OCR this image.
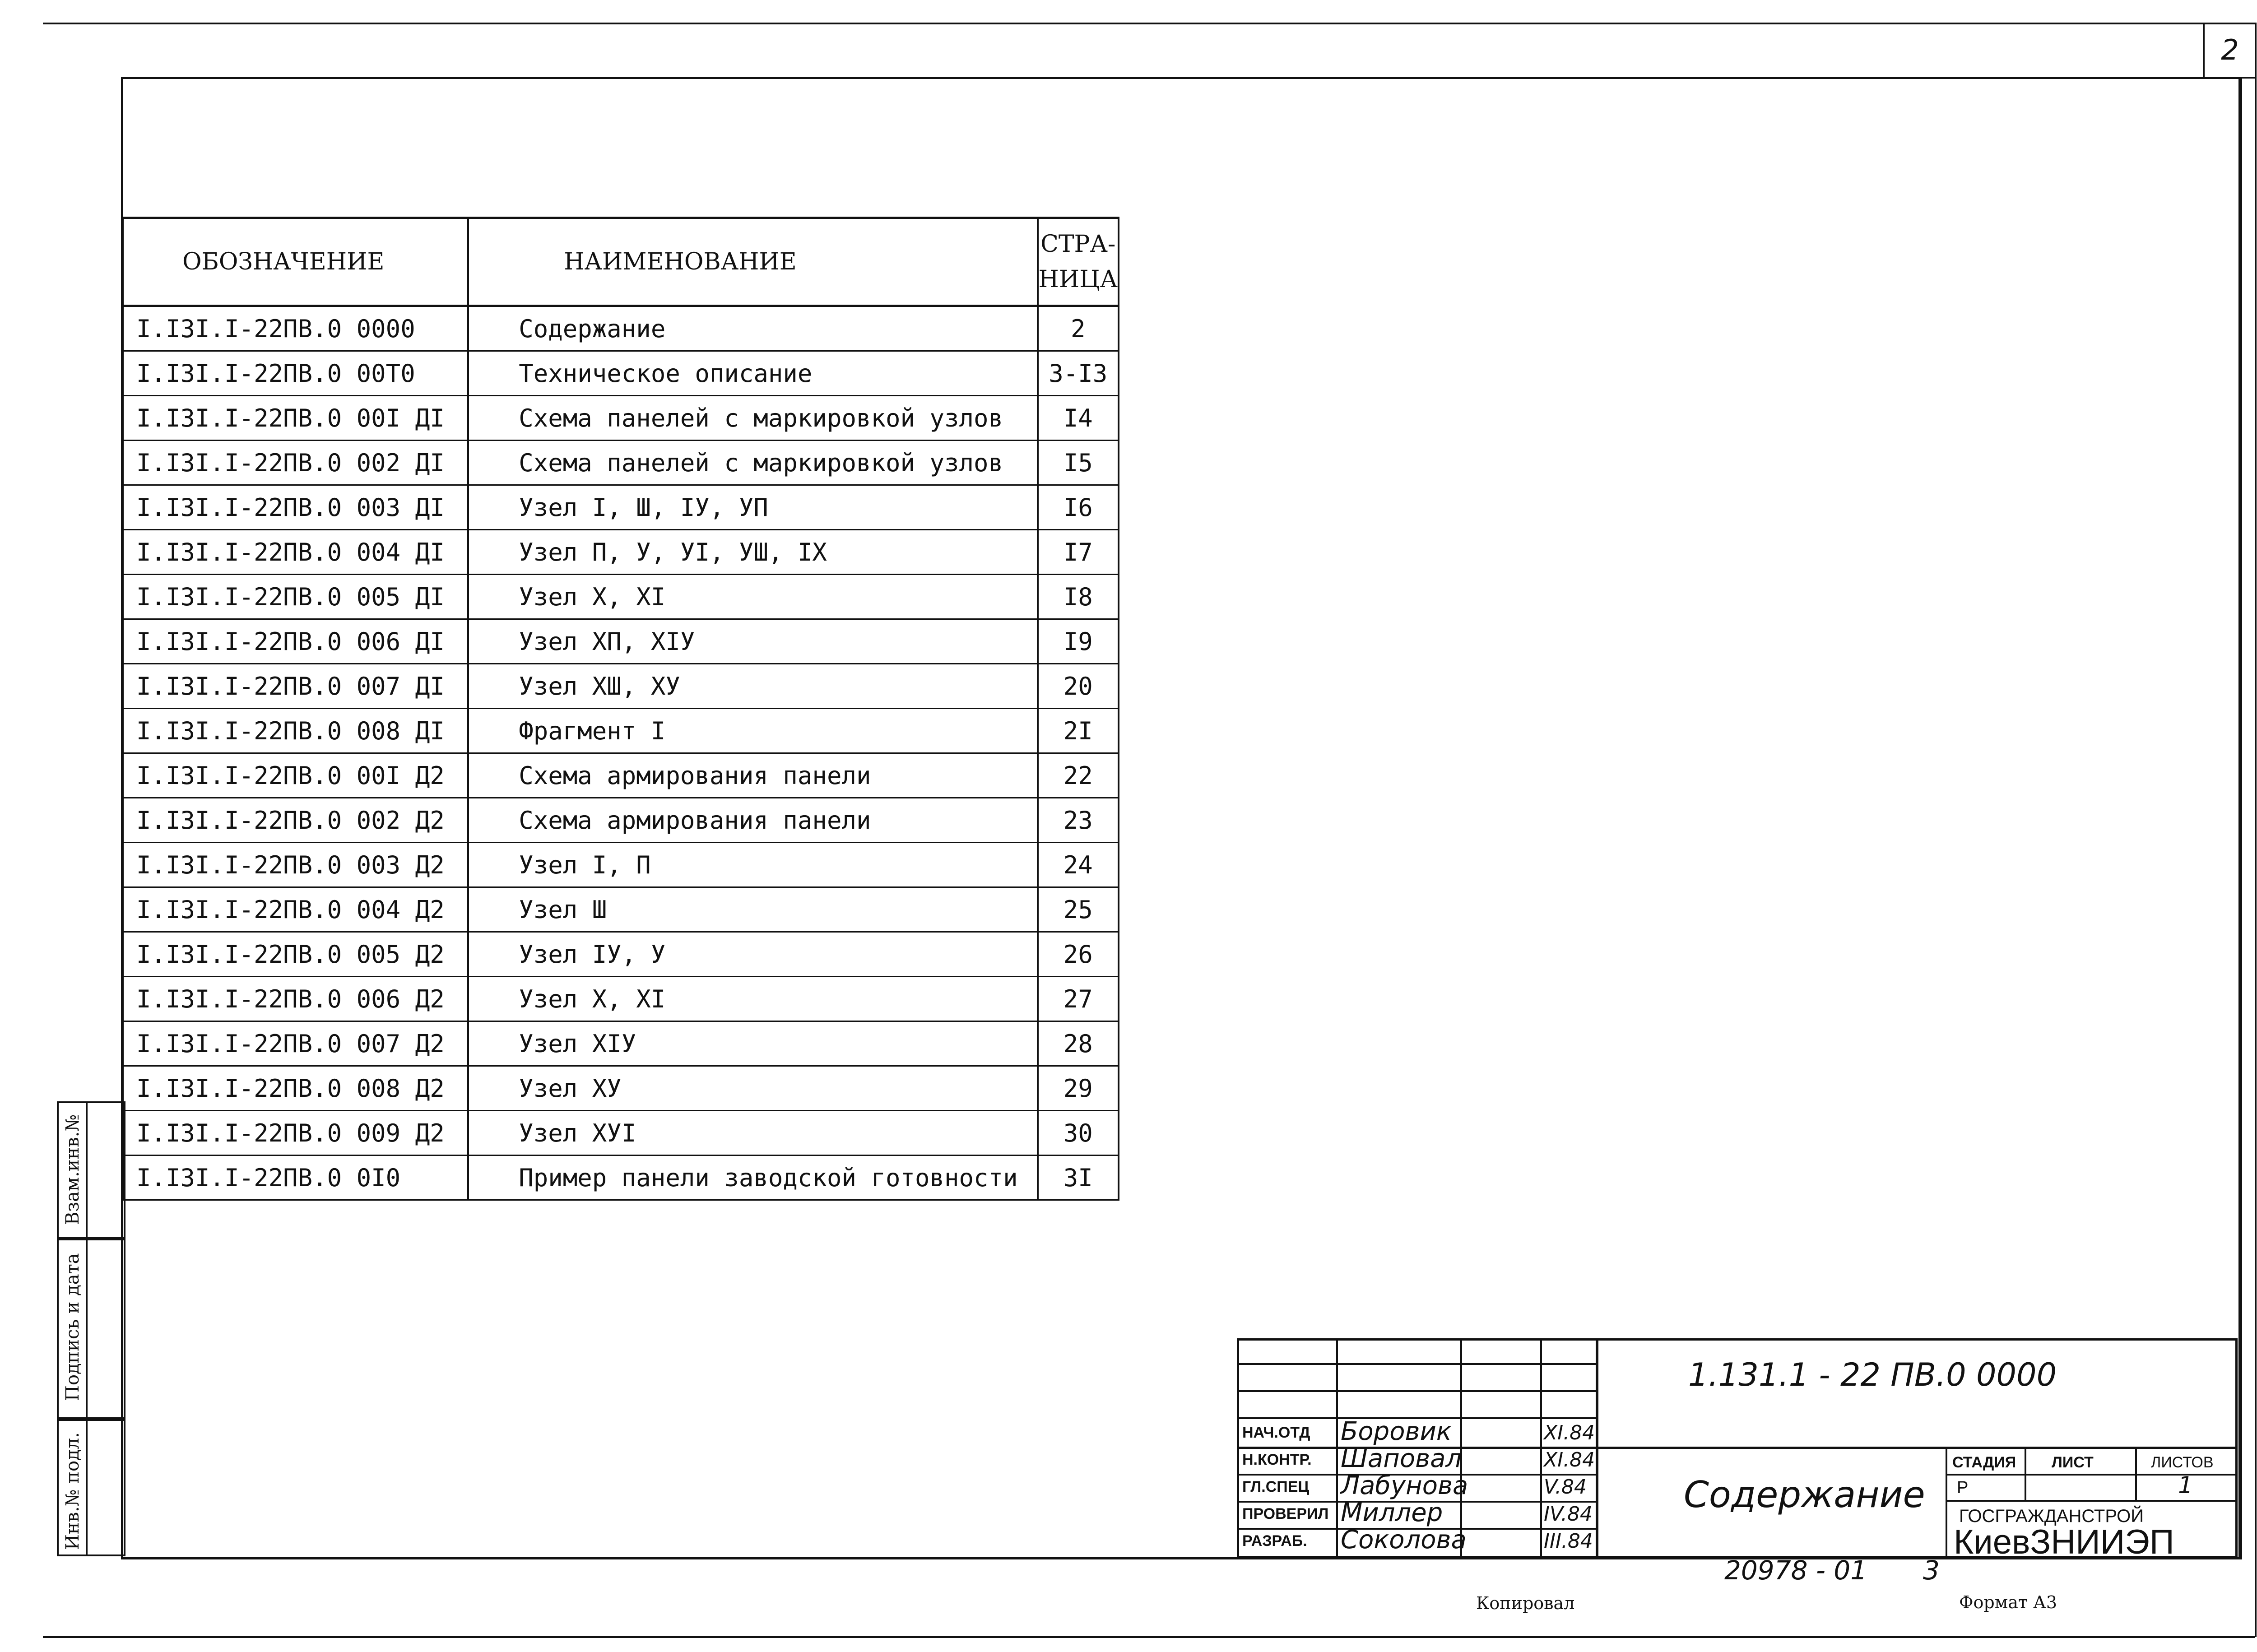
2
ОБОЗНАЧЕНИЕ	НАИМЕНОВАНИЕ	СТРА-
НИЦА
I.I3I.I-22ПВ.0 0000	Содержание	2
I.I3I.I-22ПВ.0 00Т0	Техническое описание	3-I3
I.I3I.I-22ПВ.0 00I ДI	Схема панелей с маркировкой узлов	I4
I.I3I.I-22ПВ.0 002 ДI	Схема панелей с маркировкой узлов	I5
I.I3I.I-22ПВ.0 003 ДI	Узел I, Ш, IУ, УП	I6
I.I3I.I-22ПВ.0 004 ДI	Узел П, У, УI, УШ, IХ	I7
I.I3I.I-22ПВ.0 005 ДI	Узел Х, ХI	I8
I.I3I.I-22ПВ.0 006 ДI	Узел ХП, ХIУ	I9
I.I3I.I-22ПВ.0 007 ДI	Узел ХШ, ХУ	20
I.I3I.I-22ПВ.0 008 ДI	Фрагмент I	2I
I.I3I.I-22ПВ.0 00I Д2	Схема армирования панели	22
I.I3I.I-22ПВ.0 002 Д2	Схема армирования панели	23
I.I3I.I-22ПВ.0 003 Д2	Узел I, П	24
I.I3I.I-22ПВ.0 004 Д2	Узел Ш	25
I.I3I.I-22ПВ.0 005 Д2	Узел IУ, У	26
I.I3I.I-22ПВ.0 006 Д2	Узел Х, ХI	27
I.I3I.I-22ПВ.0 007 Д2	Узел ХIУ	28
I.I3I.I-22ПВ.0 008 Д2	Узел ХУ	29
I.I3I.I-22ПВ.0 009 Д2	Узел ХУI	30
I.I3I.I-22ПВ.0 0I0	Пример панели заводской готовности	3I
Взам.инв.№
Подпись и дата
Инв.№ подл.	НАЧ.ОТД Боровик	XI.84
Н.КОНТР. Шаповал	XI.84
ГЛ.СПЕЦ Лабунова	V.84
ПРОВЕРИЛ Миллер	IV.84
РАЗРАБ. Соколова	III.84
1.131.1 - 22 ПВ.0 0000
Содержание
СТАДИЯ ЛИСТ	ЛИСТОВ
Р	1
ГОСГРАЖДАНСТРОЙ
КиевЗНИИЭП
20978 - 01 3
Копировал	Формат А3
